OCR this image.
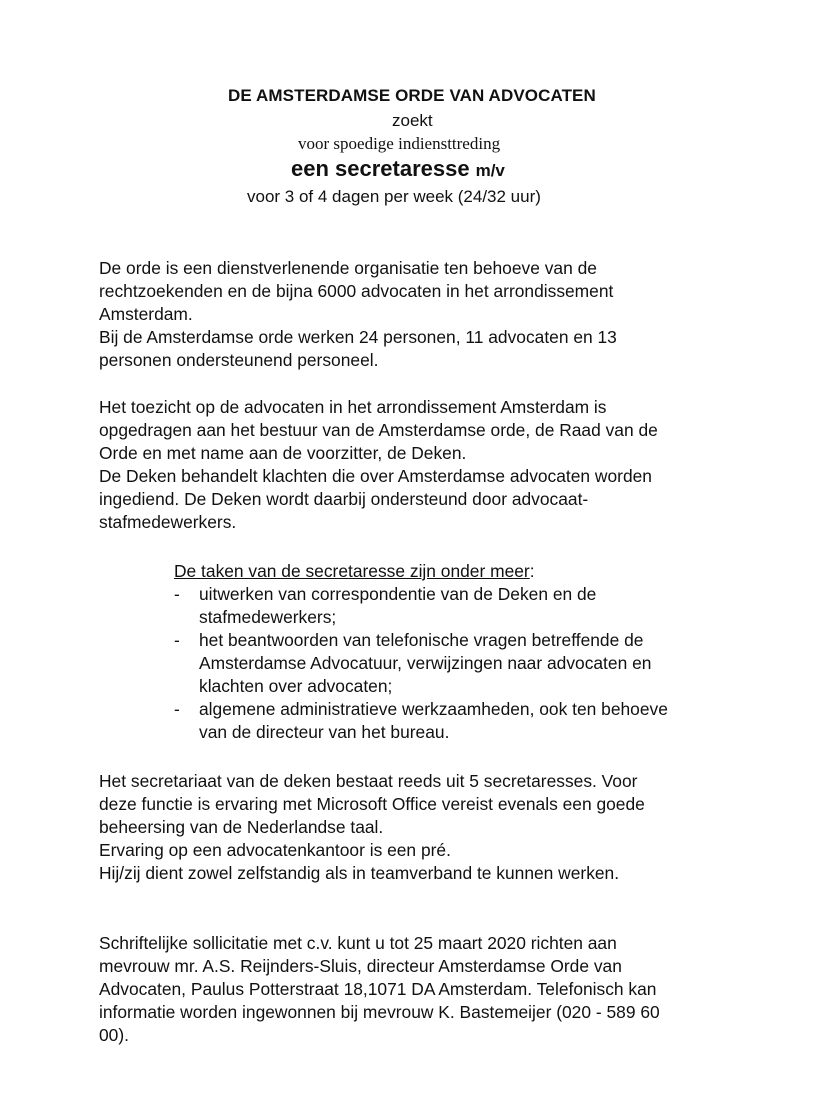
DE AMSTERDAMSE ORDE VAN ADVOCATEN
zoekt
voor spoedige indiensttreding
een secretaresse m/v
voor 3 of 4 dagen per week (24/32 uur)

De orde is een dienstverlenende organisatie ten behoeve van de
rechtzoekenden en de bijna 6000 advocaten in het arrondissement
Amsterdam.
Bij de Amsterdamse orde werken 24 personen, 11 advocaten en 13
personen ondersteunend personeel.

Het toezicht op de advocaten in het arrondissement Amsterdam is
opgedragen aan het bestuur van de Amsterdamse orde, de Raad van de
Orde en met name aan de voorzitter, de Deken.
De Deken behandelt klachten die over Amsterdamse advocaten worden
ingediend. De Deken wordt daarbij ondersteund door advocaat-
stafmedewerkers.

De taken van de secretaresse zijn onder meer:
- uitwerken van correspondentie van de Deken en de
stafmedewerkers;
- het beantwoorden van telefonische vragen betreffende de
Amsterdamse Advocatuur, verwijzingen naar advocaten en
klachten over advocaten;
- algemene administratieve werkzaamheden, ook ten behoeve
van de directeur van het bureau.

Het secretariaat van de deken bestaat reeds uit 5 secretaresses. Voor
deze functie is ervaring met Microsoft Office vereist evenals een goede
beheersing van de Nederlandse taal.
Ervaring op een advocatenkantoor is een pré.
Hij/zij dient zowel zelfstandig als in teamverband te kunnen werken.

Schriftelijke sollicitatie met c.v. kunt u tot 25 maart 2020 richten aan
mevrouw mr. A.S. Reijnders-Sluis, directeur Amsterdamse Orde van
Advocaten, Paulus Potterstraat 18,1071 DA Amsterdam. Telefonisch kan
informatie worden ingewonnen bij mevrouw K. Bastemeijer (020 - 589 60
00).
